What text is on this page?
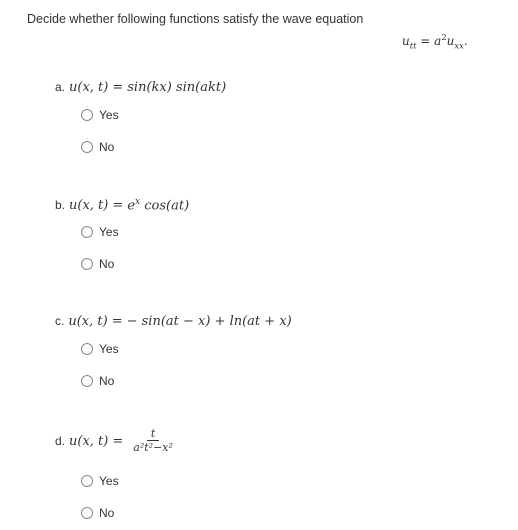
Decide whether following functions satisfy the wave equation
$u_{tt} = a^2u_{xx}$.
a. u(x, t) = sin(kx) sin(akt)
Yes
No
b. u(x, $t) = e^x$ cos(at)
Yes
No
c. u(x, t) = − sin(at − x) + ln(at + x)
Yes
No
d. u(x, $t) = \frac{t}{\text{a²t²−x²}}$
Yes
No
